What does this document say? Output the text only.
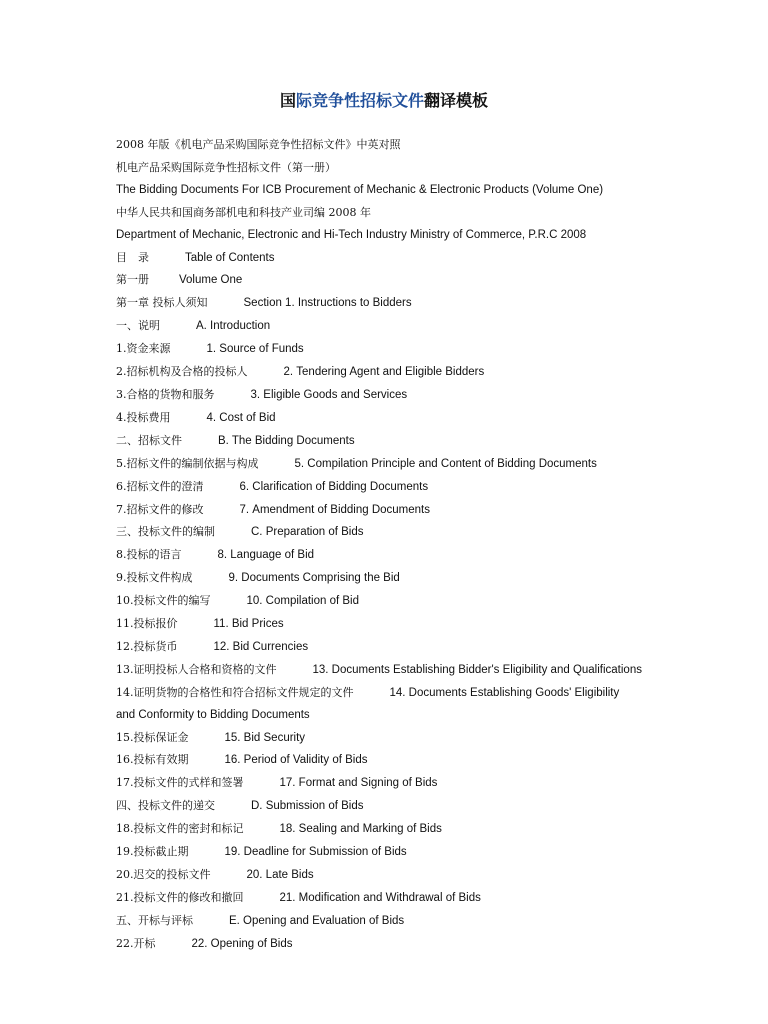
国际竞争性招标文件翻译模板
2008 年版《机电产品采购国际竞争性招标文件》中英对照
机电产品采购国际竞争性招标文件（第一册）
The Bidding Documents For ICB Procurement of Mechanic & Electronic Products (Volume One)
中华人民共和国商务部机电和科技产业司编 2008 年
Department of Mechanic, Electronic and Hi-Tech Industry Ministry of Commerce, P.R.C 2008
目　录	Table of Contents
第一册	Volume One
第一章 投标人须知	Section 1. Instructions to Bidders
一、说明	A. Introduction
1.资金来源	1. Source of Funds
2.招标机构及合格的投标人	2. Tendering Agent and Eligible Bidders
3.合格的货物和服务	3. Eligible Goods and Services
4.投标费用	4. Cost of Bid
二、招标文件	B. The Bidding Documents
5.招标文件的编制依据与构成	5. Compilation Principle and Content of Bidding Documents
6.招标文件的澄清	6. Clarification of Bidding Documents
7.招标文件的修改	7. Amendment of Bidding Documents
三、投标文件的编制	C. Preparation of Bids
8.投标的语言	8. Language of Bid
9.投标文件构成	9. Documents Comprising the Bid
10.投标文件的编写	10. Compilation of Bid
11.投标报价	11. Bid Prices
12.投标货币	12. Bid Currencies
13.证明投标人合格和资格的文件	13. Documents Establishing Bidder's Eligibility and Qualifications
14.证明货物的合格性和符合招标文件规定的文件	14. Documents Establishing Goods' Eligibility
and Conformity to Bidding Documents
15.投标保证金	15. Bid Security
16.投标有效期	16. Period of Validity of Bids
17.投标文件的式样和签署	17. Format and Signing of Bids
四、投标文件的递交	D. Submission of Bids
18.投标文件的密封和标记	18. Sealing and Marking of Bids
19.投标截止期	19. Deadline for Submission of Bids
20.迟交的投标文件	20. Late Bids
21.投标文件的修改和撤回	21. Modification and Withdrawal of Bids
五、开标与评标	E. Opening and Evaluation of Bids
22.开标	22. Opening of Bids
